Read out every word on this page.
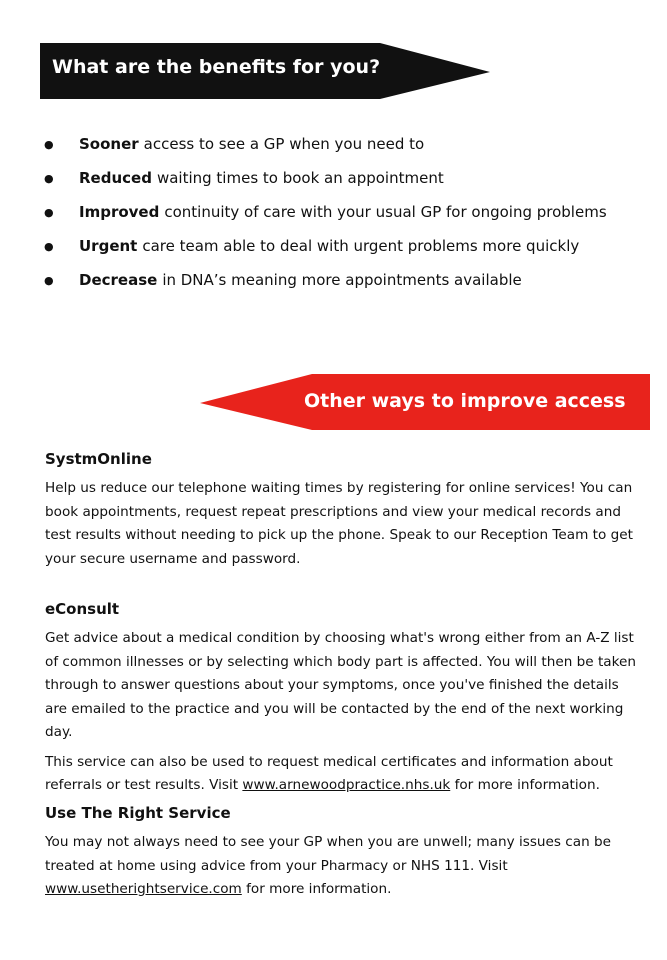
What are the benefits for you?
●	Sooner access to see a GP when you need to
●	Reduced waiting times to book an appointment
●	Improved continuity of care with your usual GP for ongoing problems
●	Urgent care team able to deal with urgent problems more quickly
●	Decrease in DNA’s meaning more appointments available
Other ways to improve access
SystmOnline

Help us reduce our telephone waiting times by registering for online services! You can book appointments, request repeat prescriptions and view your medical records and test results without needing to pick up the phone. Speak to our Reception Team to get your secure username and password.

eConsult

Get advice about a medical condition by choosing what's wrong either from an A-Z list of common illnesses or by selecting which body part is affected. You will then be taken through to answer questions about your symptoms, once you've finished the details are emailed to the practice and you will be contacted by the end of the next working day.

This service can also be used to request medical certificates and information about referrals or test results. Visit www.arnewoodpractice.nhs.uk for more information.

Use The Right Service

You may not always need to see your GP when you are unwell; many issues can be treated at home using advice from your Pharmacy or NHS 111. Visit www.usetherightservice.com for more information.
